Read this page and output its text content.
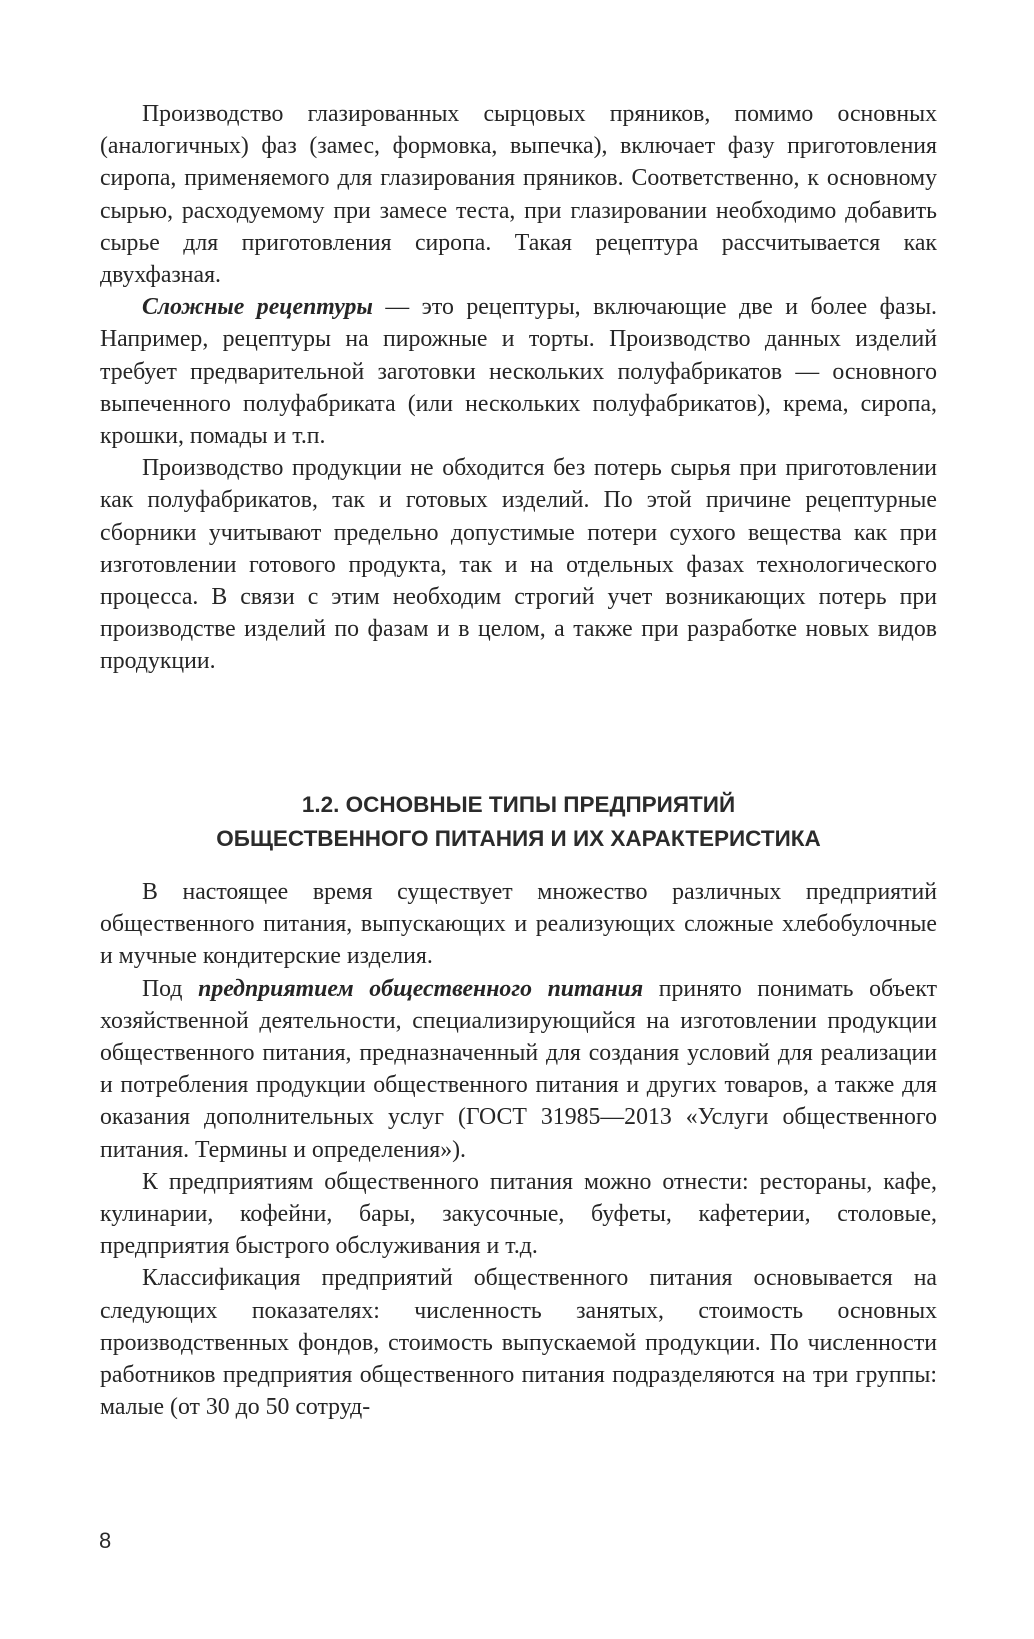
Производство глазированных сырцовых пряников, помимо основных (аналогичных) фаз (замес, формовка, выпечка), включает фазу приготовления сиропа, применяемого для глазирования пряников. Соответственно, к основному сырью, расходуемому при замесе теста, при глазировании необходимо добавить сырье для приготовления сиропа. Такая рецептура рассчитывается как двухфазная.

Сложные рецептуры — это рецептуры, включающие две и более фазы. Например, рецептуры на пирожные и торты. Производство данных изделий требует предварительной заготовки нескольких полуфабрикатов — основного выпеченного полуфабриката (или нескольких полуфабрикатов), крема, сиропа, крошки, помады и т.п.

Производство продукции не обходится без потерь сырья при приготовлении как полуфабрикатов, так и готовых изделий. По этой причине рецептурные сборники учитывают предельно допустимые потери сухого вещества как при изготовлении готового продукта, так и на отдельных фазах технологического процесса. В связи с этим необходим строгий учет возникающих потерь при производстве изделий по фазам и в целом, а также при разработке новых видов продукции.

1.2. ОСНОВНЫЕ ТИПЫ ПРЕДПРИЯТИЙ
ОБЩЕСТВЕННОГО ПИТАНИЯ И ИХ ХАРАКТЕРИСТИКА

В настоящее время существует множество различных предприятий общественного питания, выпускающих и реализующих сложные хлебобулочные и мучные кондитерские изделия.

Под предприятием общественного питания принято понимать объект хозяйственной деятельности, специализирующийся на изготовлении продукции общественного питания, предназначенный для создания условий для реализации и потребления продукции общественного питания и других товаров, а также для оказания дополнительных услуг (ГОСТ 31985—2013 «Услуги общественного питания. Термины и определения»).

К предприятиям общественного питания можно отнести: рестораны, кафе, кулинарии, кофейни, бары, закусочные, буфеты, кафетерии, столовые, предприятия быстрого обслуживания и т.д.

Классификация предприятий общественного питания основывается на следующих показателях: численность занятых, стоимость основных производственных фондов, стоимость выпускаемой продукции. По численности работников предприятия общественного питания подразделяются на три группы: малые (от 30 до 50 сотруд-

8
